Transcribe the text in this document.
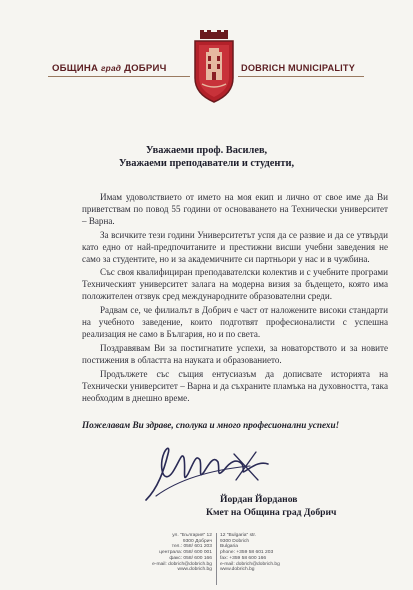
ОБЩИНА град ДОБРИЧ	DOBRICH MUNICIPALITY
Уважаеми проф. Василев,
Уважаеми преподаватели и студенти,

Имам удоволствието от името на моя екип и лично от свое име да Ви приветствам по повод 55 години от основаването на Технически университет – Варна.

За всичките тези години Университетът успя да се развие и да се утвърди като едно от най-предпочитаните и престижни висши учебни заведения не само за студентите, но и за академичните си партньори у нас и в чужбина.

Със своя квалифициран преподавателски колектив и с учебните програми Техническият университет залага на модерна визия за бъдещето, която има положителен отзвук сред международните образователни среди.

Радвам се, че филиалът в Добрич е част от наложените високи стандарти на учебното заведение, които подготвят професионалисти с успешна реализация не само в България, но и по света.

Поздравявам Ви за постигнатите успехи, за новаторството и за новите постижения в областта на науката и образованието.

Продължете със същия ентусиазъм да дописвате историята на Технически университет – Варна и да съхраните пламъка на духовността, така необходим в днешно време.

Пожелавам Ви здраве, сполука и много професионални успехи!
Йордан Йорданов
Кмет на Община град Добрич
ул. "България" 12
9300 Добрич
тел.: 058/ 601 203
централа: 058/ 600 001
факс: 058/ 600 166
e-mail: dobrich@dobrich.bg
www.dobrich.bg
12 "Bulgaria" str.
9300 Dobrich
Bulgaria
phone: +359 58 601 203
fax: +359 58 600 166
e-mail: dobrich@dobrich.bg
www.dobrich.bg
